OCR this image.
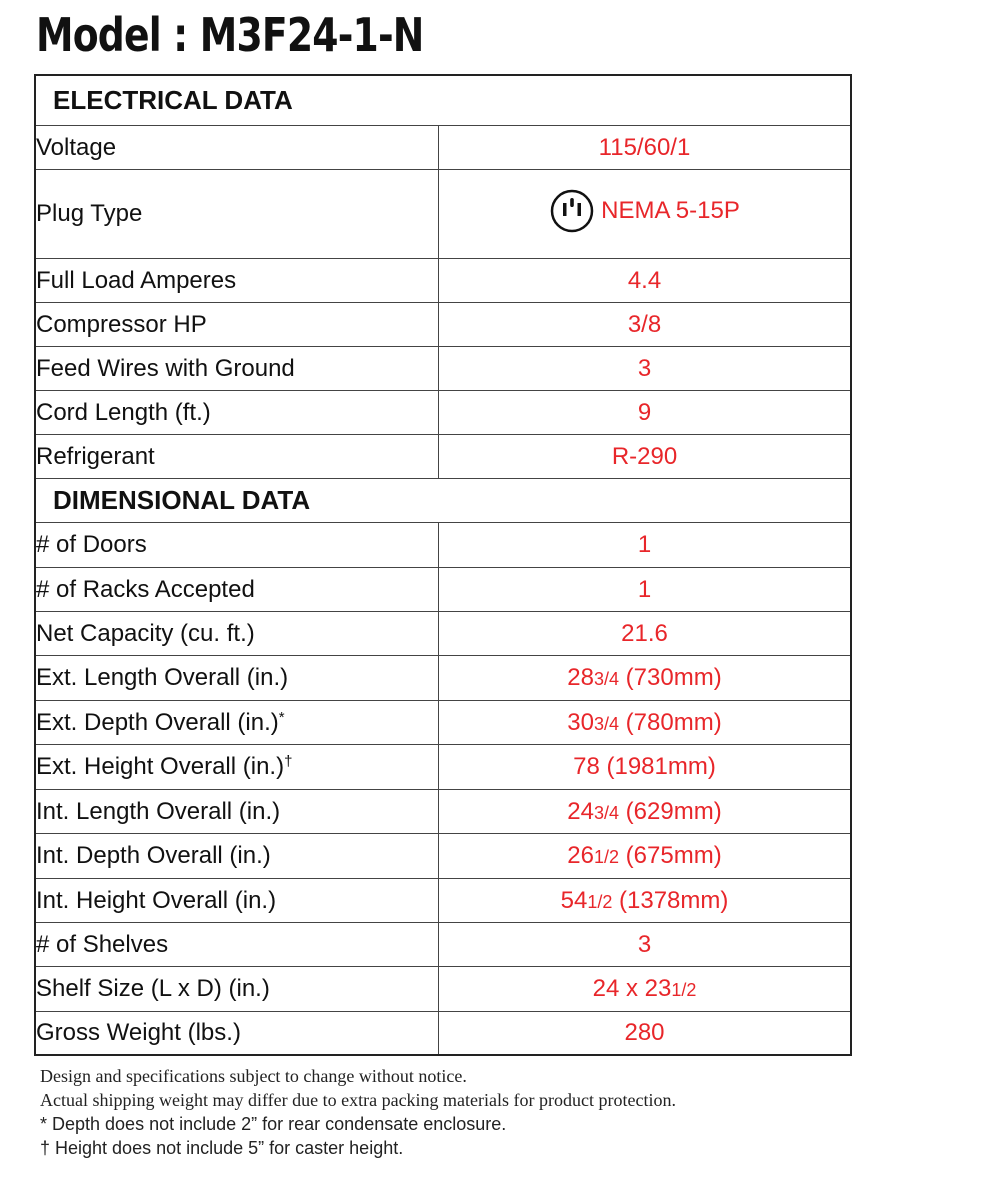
Model : M3F24-1-N
ELECTRICAL DATA	
Voltage	115/60/1
Plug Type	NEMA 5-15P

Full Load Amperes	4.4
Compressor HP	3/8
Feed Wires with Ground	3
Cord Length (ft.)	9
Refrigerant	R-290
DIMENSIONAL DATA	
# of Doors	1
# of Racks Accepted	1
Net Capacity (cu. ft.)	21.6
Ext. Length Overall (in.)	283/4 (730mm)
Ext. Depth Overall (in.)*	303/4 (780mm)
Ext. Height Overall (in.)†	78 (1981mm)
Int. Length Overall (in.)	243/4 (629mm)
Int. Depth Overall (in.)	261/2 (675mm)
Int. Height Overall (in.)	541/2 (1378mm)
# of Shelves	3
Shelf Size (L x D) (in.)	24 x 231/2
Gross Weight (lbs.)	280

Design and specifications subject to change without notice.

Actual shipping weight may differ due to extra packing materials for product protection.

* Depth does not include 2” for rear condensate enclosure.

† Height does not include 5” for caster height.
